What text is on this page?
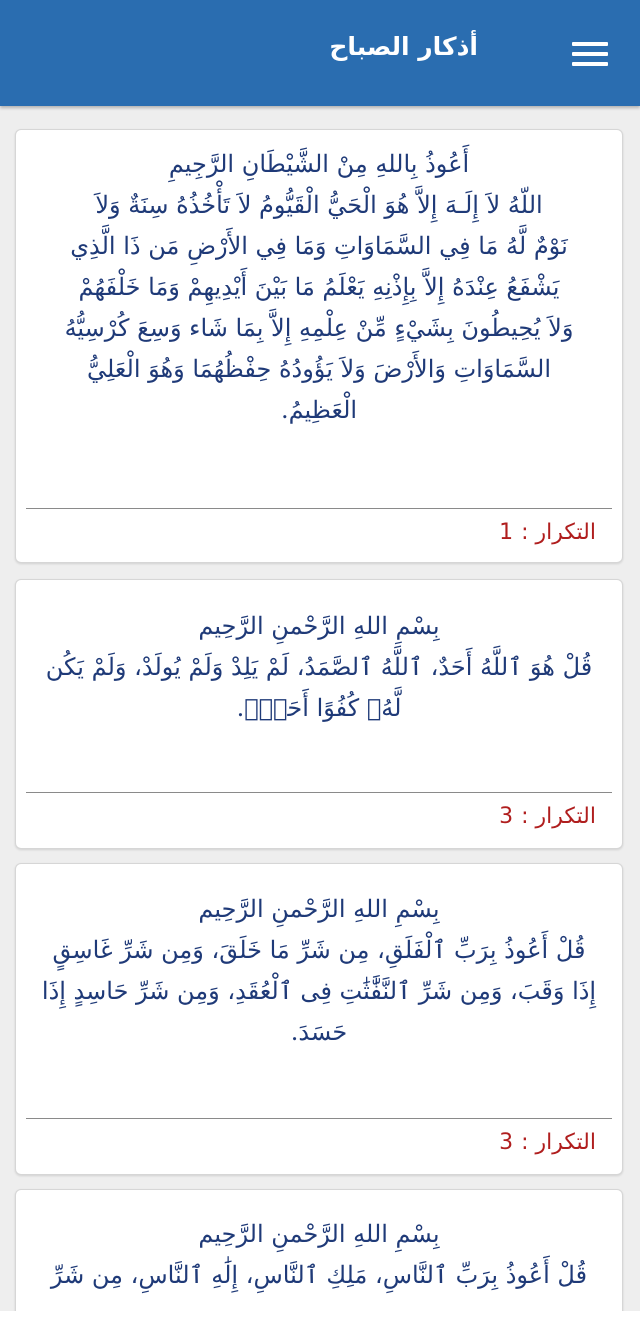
أذكار الصباح
أَعُوذُ بِاللهِ مِنْ الشَّيْطَانِ الرَّجِيمِ
اللّهُ لاَ إِلَـهَ إِلاَّ هُوَ الْحَيُّ الْقَيُّومُ لاَ تَأْخُذُهُ سِنَةٌ وَلاَ
نَوْمٌ لَّهُ مَا فِي السَّمَاوَاتِ وَمَا فِي الأَرْضِ مَن ذَا الَّذِي
يَشْفَعُ عِنْدَهُ إِلاَّ بِإِذْنِهِ يَعْلَمُ مَا بَيْنَ أَيْدِيهِمْ وَمَا خَلْفَهُمْ
وَلاَ يُحِيطُونَ بِشَيْءٍ مِّنْ عِلْمِهِ إِلاَّ بِمَا شَاء وَسِعَ كُرْسِيُّهُ
السَّمَاوَاتِ وَالأَرْضَ وَلاَ يَؤُودُهُ حِفْظُهُمَا وَهُوَ الْعَلِيُّ
الْعَظِيمُ.
التكرار :1
بِسْمِ اللهِ الرَّحْمنِ الرَّحِيم
قُلْ هُوَ ٱللَّهُ أَحَدٌ، ٱللَّهُ ٱلصَّمَدُ، لَمْ يَلِدْ وَلَمْ يُولَدْ، وَلَمْ يَكُن
لَّهُۥ كُفُوًا أَحَدٌۢ.
التكرار :3
بِسْمِ اللهِ الرَّحْمنِ الرَّحِيم
قُلْ أَعُوذُ بِرَبِّ ٱلْفَلَقِ، مِن شَرِّ مَا خَلَقَ، وَمِن شَرِّ غَاسِقٍ
إِذَا وَقَبَ، وَمِن شَرِّ ٱلنَّفَّٰثَٰتِ فِى ٱلْعُقَدِ، وَمِن شَرِّ حَاسِدٍ إِذَا
حَسَدَ.
التكرار :3
بِسْمِ اللهِ الرَّحْمنِ الرَّحِيم
قُلْ أَعُوذُ بِرَبِّ ٱلنَّاسِ، مَلِكِ ٱلنَّاسِ، إِلَٰهِ ٱلنَّاسِ، مِن شَرِّ
